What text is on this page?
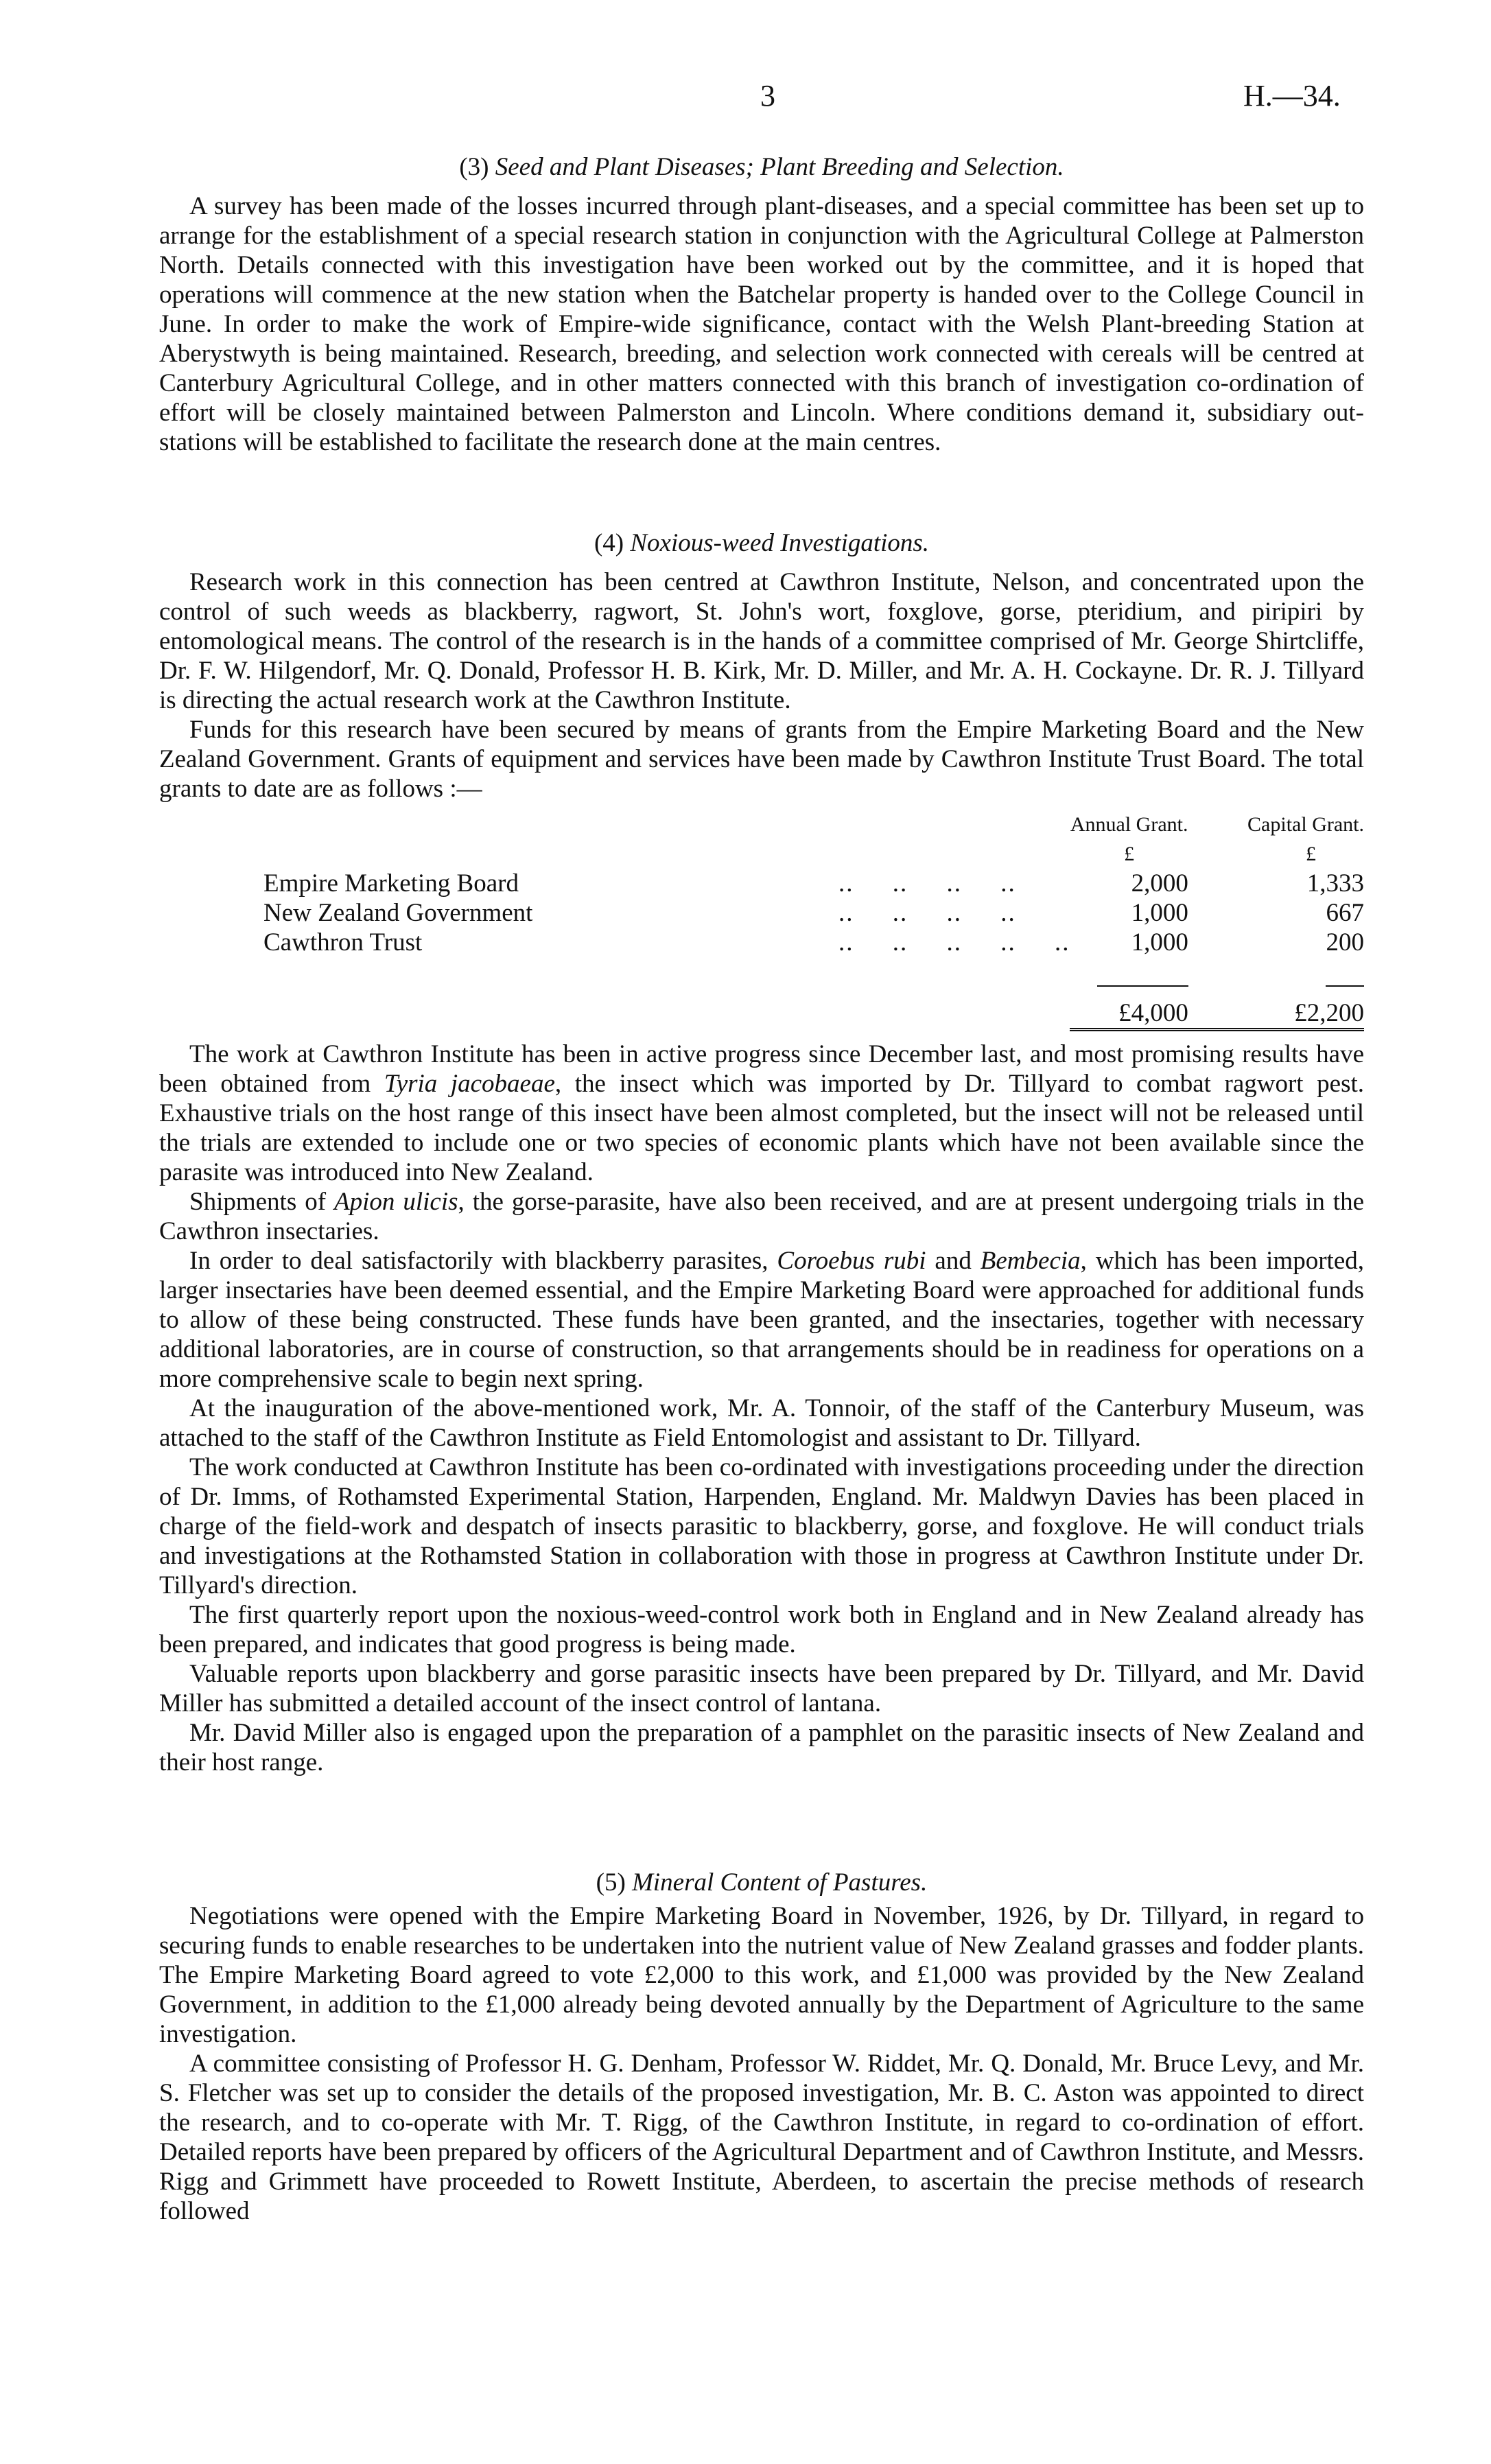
3	H.—34.
(3) Seed and Plant Diseases; Plant Breeding and Selection.

A survey has been made of the losses incurred through plant-diseases, and a special committee has been set up to arrange for the establishment of a special research station in conjunction with the Agricultural College at Palmerston North. Details connected with this investigation have been worked out by the committee, and it is hoped that operations will commence at the new station when the Batchelar property is handed over to the College Council in June. In order to make the work of Empire-wide significance, contact with the Welsh Plant-breeding Station at Aberystwyth is being maintained. Research, breeding, and selection work connected with cereals will be centred at Canterbury Agricultural College, and in other matters connected with this branch of investigation co-ordination of effort will be closely maintained between Palmerston and Lincoln. Where conditions demand it, subsidiary out-stations will be established to facilitate the research done at the main centres.

(4) Noxious-weed Investigations.

Research work in this connection has been centred at Cawthron Institute, Nelson, and concentrated upon the control of such weeds as blackberry, ragwort, St. John's wort, foxglove, gorse, pteridium, and piripiri by entomological means. The control of the research is in the hands of a committee comprised of Mr. George Shirtcliffe, Dr. F. W. Hilgendorf, Mr. Q. Donald, Professor H. B. Kirk, Mr. D. Miller, and Mr. A. H. Cockayne. Dr. R. J. Tillyard is directing the actual research work at the Cawthron Institute.

Funds for this research have been secured by means of grants from the Empire Marketing Board and the New Zealand Government. Grants of equipment and services have been made by Cawthron Institute Trust Board. The total grants to date are as follows :—

		Annual Grant.	Capital Grant.
		£	£
Empire Marketing Board	..     ..     ..     ..	2,000	1,333
New Zealand Government	..     ..     ..     ..	1,000	667
Cawthron Trust	..     ..     ..     ..     ..	1,000	200

		£4,000	£2,200

The work at Cawthron Institute has been in active progress since December last, and most promising results have been obtained from Tyria jacobaeae, the insect which was imported by Dr. Tillyard to combat ragwort pest. Exhaustive trials on the host range of this insect have been almost completed, but the insect will not be released until the trials are extended to include one or two species of economic plants which have not been available since the parasite was introduced into New Zealand.

Shipments of Apion ulicis, the gorse-parasite, have also been received, and are at present undergoing trials in the Cawthron insectaries.

In order to deal satisfactorily with blackberry parasites, Coroebus rubi and Bembecia, which has been imported, larger insectaries have been deemed essential, and the Empire Marketing Board were approached for additional funds to allow of these being constructed. These funds have been granted, and the insectaries, together with necessary additional laboratories, are in course of construction, so that arrangements should be in readiness for operations on a more comprehensive scale to begin next spring.

At the inauguration of the above-mentioned work, Mr. A. Tonnoir, of the staff of the Canterbury Museum, was attached to the staff of the Cawthron Institute as Field Entomologist and assistant to Dr. Tillyard.

The work conducted at Cawthron Institute has been co-ordinated with investigations proceeding under the direction of Dr. Imms, of Rothamsted Experimental Station, Harpenden, England. Mr. Maldwyn Davies has been placed in charge of the field-work and despatch of insects parasitic to blackberry, gorse, and foxglove. He will conduct trials and investigations at the Rothamsted Station in collaboration with those in progress at Cawthron Institute under Dr. Tillyard's direction.

The first quarterly report upon the noxious-weed-control work both in England and in New Zealand already has been prepared, and indicates that good progress is being made.

Valuable reports upon blackberry and gorse parasitic insects have been prepared by Dr. Tillyard, and Mr. David Miller has submitted a detailed account of the insect control of lantana.

Mr. David Miller also is engaged upon the preparation of a pamphlet on the parasitic insects of New Zealand and their host range.

(5) Mineral Content of Pastures.

Negotiations were opened with the Empire Marketing Board in November, 1926, by Dr. Tillyard, in regard to securing funds to enable researches to be undertaken into the nutrient value of New Zealand grasses and fodder plants. The Empire Marketing Board agreed to vote £2,000 to this work, and £1,000 was provided by the New Zealand Government, in addition to the £1,000 already being devoted annually by the Department of Agriculture to the same investigation.

A committee consisting of Professor H. G. Denham, Professor W. Riddet, Mr. Q. Donald, Mr. Bruce Levy, and Mr. S. Fletcher was set up to consider the details of the proposed investigation, Mr. B. C. Aston was appointed to direct the research, and to co-operate with Mr. T. Rigg, of the Cawthron Institute, in regard to co-ordination of effort. Detailed reports have been prepared by officers of the Agricultural Department and of Cawthron Institute, and Messrs. Rigg and Grimmett have proceeded to Rowett Institute, Aberdeen, to ascertain the precise methods of research followed
